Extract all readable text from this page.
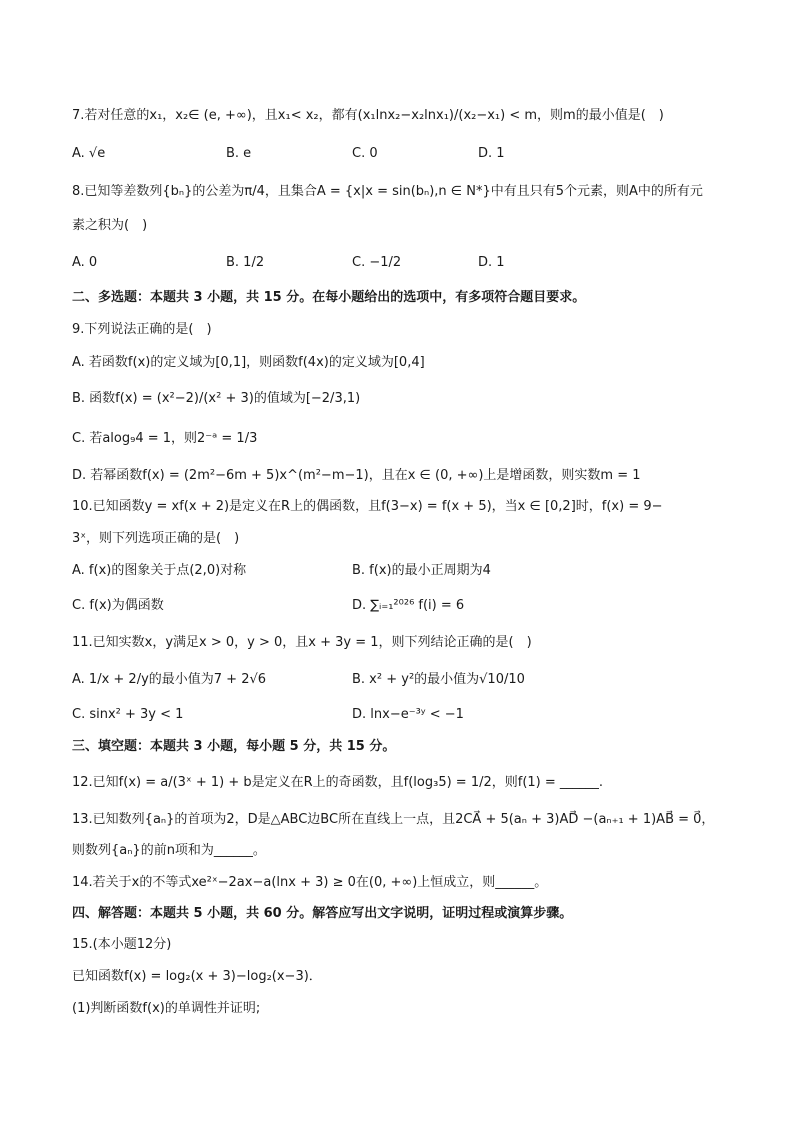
7.若对任意的x₁，x₂∈ (e, +∞)，且x₁< x₂，都有(x₁lnx₂−x₂lnx₁)/(x₂−x₁) < m，则m的最小值是(　)
A. √e	B. e	C. 0	D. 1
8.已知等差数列{bₙ}的公差为π/4，且集合A = {x|x = sin(bₙ),n ∈ N*}中有且只有5个元素，则A中的所有元
素之积为(　)
A. 0	B. 1/2	C. −1/2	D. 1
二、多选题：本题共 3 小题，共 15 分。在每小题给出的选项中，有多项符合题目要求。
9.下列说法正确的是(　)
A. 若函数f(x)的定义域为[0,1]，则函数f(4x)的定义域为[0,4]
B. 函数f(x) = (x²−2)/(x² + 3)的值域为[−2/3,1)
C. 若alog₉4 = 1，则2⁻ᵃ = 1/3
D. 若幂函数f(x) = (2m²−6m + 5)x^(m²−m−1)，且在x ∈ (0, +∞)上是增函数，则实数m = 1
10.已知函数y = xf(x + 2)是定义在R上的偶函数，且f(3−x) = f(x + 5)，当x ∈ [0,2]时，f(x) = 9−
3ˣ，则下列选项正确的是(　)
A. f(x)的图象关于点(2,0)对称	B. f(x)的最小正周期为4
C. f(x)为偶函数	D. ∑ᵢ₌₁²⁰²⁶ f(i) = 6
11.已知实数x，y满足x > 0，y > 0，且x + 3y = 1，则下列结论正确的是(　)
A. 1/x + 2/y的最小值为7 + 2√6	B. x² + y²的最小值为√10/10
C. sinx² + 3y < 1	D. lnx−e⁻³ʸ < −1
三、填空题：本题共 3 小题，每小题 5 分，共 15 分。
12.已知f(x) = a/(3ˣ + 1) + b是定义在R上的奇函数，且f(log₃5) = 1/2，则f(1) = ______.
13.已知数列{aₙ}的首项为2，D是△ABC边BC所在直线上一点，且2CA⃗ + 5(aₙ + 3)AD⃗ −(aₙ₊₁ + 1)AB⃗ = 0⃗，
则数列{aₙ}的前n项和为______。
14.若关于x的不等式xe²ˣ−2ax−a(lnx + 3) ≥ 0在(0, +∞)上恒成立，则______。
四、解答题：本题共 5 小题，共 60 分。解答应写出文字说明，证明过程或演算步骤。
15.(本小题12分)
已知函数f(x) = log₂(x + 3)−log₂(x−3)．
(1)判断函数f(x)的单调性并证明;
